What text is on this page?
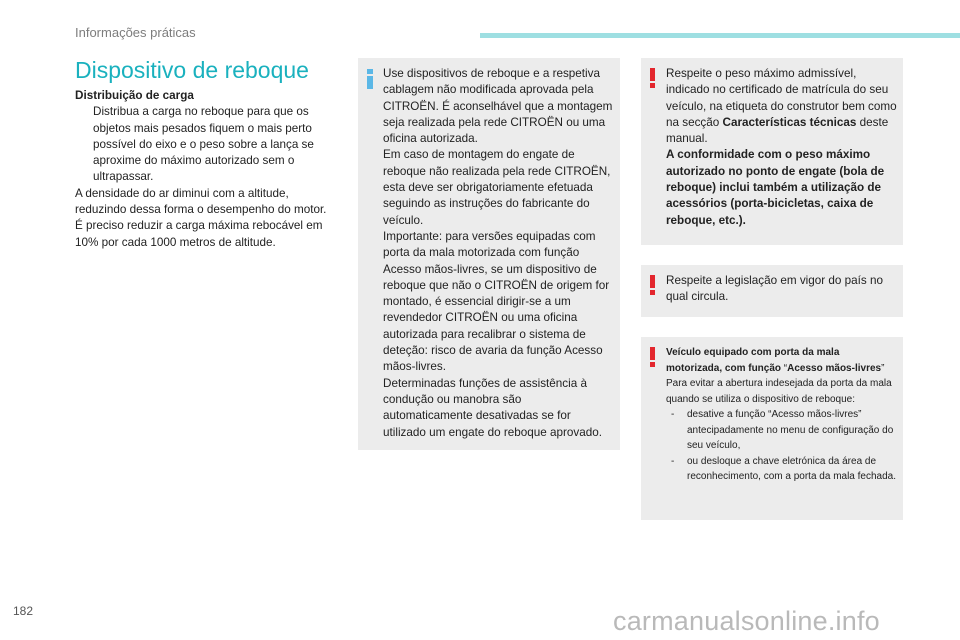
Informações práticas
Dispositivo de reboque

Distribuição de carga

Distribua a carga no reboque para que os objetos mais pesados fiquem o mais perto possível do eixo e o peso sobre a lança se aproxime do máximo autorizado sem o ultrapassar.

A densidade do ar diminui com a altitude, reduzindo dessa forma o desempenho do motor. É preciso reduzir a carga máxima rebocável em 10% por cada 1000 metros de altitude.

Use dispositivos de reboque e a respetiva cablagem não modificada aprovada pela CITROËN. É aconselhável que a montagem seja realizada pela rede CITROËN ou uma oficina autorizada.

Em caso de montagem do engate de reboque não realizada pela rede CITROËN, esta deve ser obrigatoriamente efetuada seguindo as instruções do fabricante do veículo.

Importante: para versões equipadas com porta da mala motorizada com função Acesso mãos-livres, se um dispositivo de reboque que não o CITROËN de origem for montado, é essencial dirigir-se a um revendedor CITROËN ou uma oficina autorizada para recalibrar o sistema de deteção: risco de avaria da função Acesso mãos-livres.

Determinadas funções de assistência à condução ou manobra são automaticamente desativadas se for utilizado um engate do reboque aprovado.

Respeite o peso máximo admissível, indicado no certificado de matrícula do seu veículo, na etiqueta do construtor bem como na secção Características técnicas deste manual.

A conformidade com o peso máximo autorizado no ponto de engate (bola de reboque) inclui também a utilização de acessórios (porta-bicicletas, caixa de reboque, etc.).

Respeite a legislação em vigor do país no qual circula.

Veículo equipado com porta da mala motorizada, com função “Acesso mãos-livres”

Para evitar a abertura indesejada da porta da mala quando se utiliza o dispositivo de reboque:

-	desative a função “Acesso mãos-livres” antecipadamente no menu de configuração do seu veículo,
-	ou desloque a chave eletrónica da área de reconhecimento, com a porta da mala fechada.
182	carmanualsonline.info
